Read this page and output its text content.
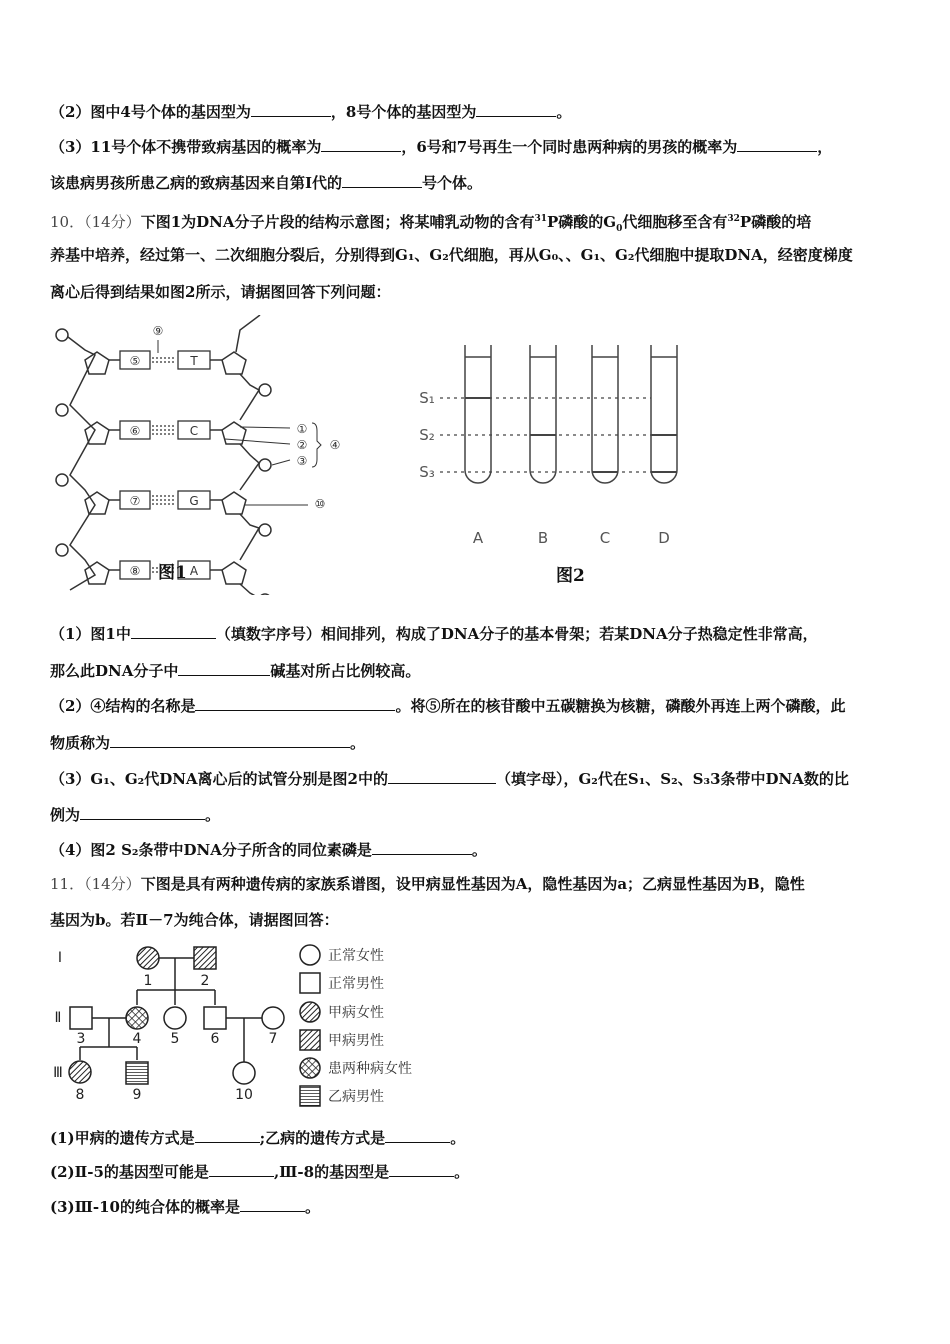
（2）图中4号个体的基因型为	，8号个体的基因型为	。
（3）11号个体不携带致病基因的概率为	，6号和7号再生一个同时患两种病的男孩的概率为	，
该患病男孩所患乙病的致病基因来自第Ⅰ代的	号个体。
10．（14分）下图1为DNA分子片段的结构示意图；将某哺乳动物的含有$^{31}$P磷酸的$G_0$代细胞移至含有$^{32}$P磷酸的培
养基中培养，经过第一、二次细胞分裂后，分别得到G₁、G₂代细胞，再从G₀、、G₁、G₂代细胞中提取DNA，经密度梯度
离心后得到结果如图2所示，请据图回答下列问题：
⑤
⑥
⑦
⑧
T
C
G
A
⑨
①
②
③
④
⑩
图1
S₁
S₂
S₃
A	B	C	D
图2
（1）图1中	（填数字序号）相间排列，构成了DNA分子的基本骨架；若某DNA分子热稳定性非常高，
那么此DNA分子中	碱基对所占比例较高。
（2）④结构的名称是	。将⑤所在的核苷酸中五碳糖换为核糖，磷酸外再连上两个磷酸，此
物质称为	。
（3）G₁、G₂代DNA离心后的试管分别是图2中的	（填字母），G₂代在S₁、S₂、S₃3条带中DNA数的比
例为	。
（4）图2 S₂条带中DNA分子所含的同位素磷是	。
11．（14分）下图是具有两种遗传病的家族系谱图，设甲病显性基因为A，隐性基因为a；乙病显性基因为B，隐性
基因为b。若Ⅱ－7为纯合体，请据图回答：
Ⅰ
Ⅱ
Ⅲ
1	2
3	4 5 6	7
8	9	10
正常女性
正常男性
甲病女性
甲病男性
患两种病女性
乙病男性
(1)甲病的遗传方式是	;乙病的遗传方式是	。
(2)Ⅱ-5的基因型可能是	,Ⅲ-8的基因型是	。
(3)Ⅲ-10的纯合体的概率是	。
